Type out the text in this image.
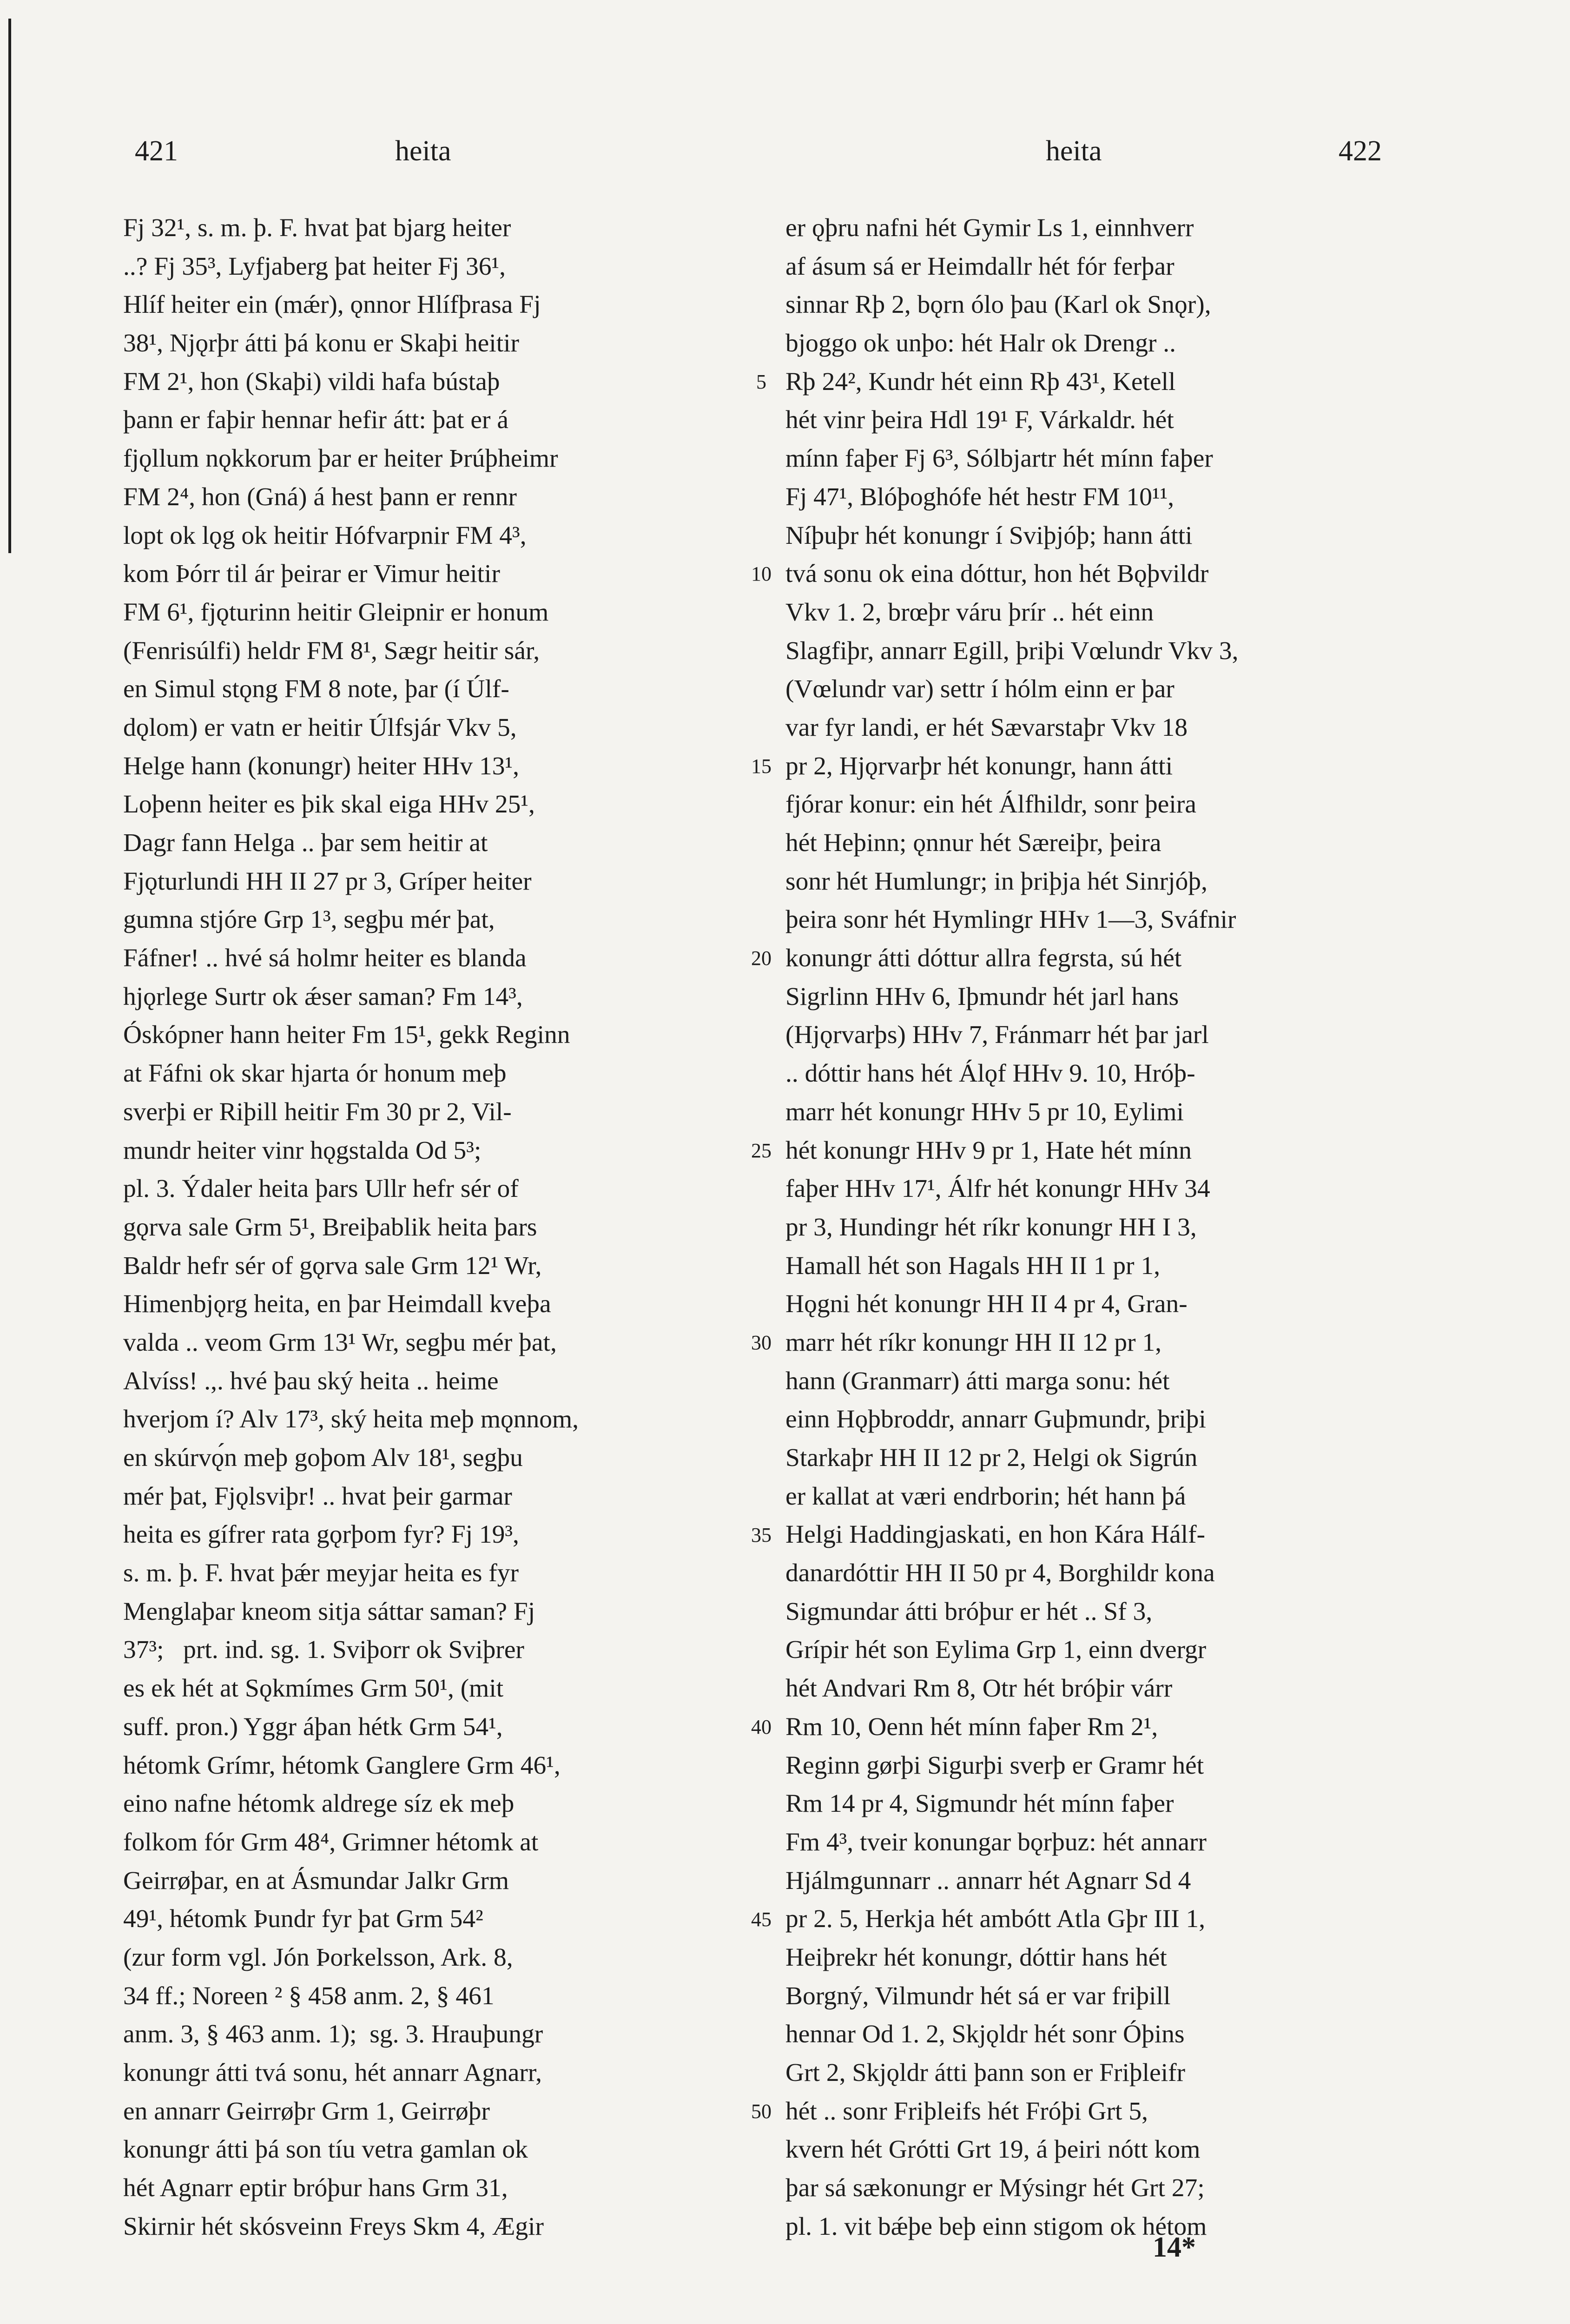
421	heita	heita	422
Fj 32¹, s. m. þ. F. hvat þat bjarg heiter
..? Fj 35³, Lyfjaberg þat heiter Fj 36¹,
Hlíf heiter ein (mǽr), ǫnnor Hlífþrasa Fj
38¹, Njǫrþr átti þá konu er Skaþi heitir
FM 2¹, hon (Skaþi) vildi hafa bústaþ
þann er faþir hennar hefir átt: þat er á
fjǫllum nǫkkorum þar er heiter Þrúþheimr
FM 2⁴, hon (Gná) á hest þann er rennr
lopt ok lǫg ok heitir Hófvarpnir FM 4³,
kom Þórr til ár þeirar er Vimur heitir
FM 6¹, fjǫturinn heitir Gleipnir er honum
(Fenrisúlfi) heldr FM 8¹, Sægr heitir sár,
en Simul stǫng FM 8 note, þar (í Úlf-
dǫlom) er vatn er heitir Úlfsjár Vkv 5,
Helge hann (konungr) heiter HHv 13¹,
Loþenn heiter es þik skal eiga HHv 25¹,
Dagr fann Helga .. þar sem heitir at
Fjǫturlundi HH II 27 pr 3, Gríper heiter
gumna stjóre Grp 1³, segþu mér þat,
Fáfner! .. hvé sá holmr heiter es blanda
hjǫrlege Surtr ok ǽser saman? Fm 14³,
Óskópner hann heiter Fm 15¹, gekk Reginn
at Fáfni ok skar hjarta ór honum meþ
sverþi er Riþill heitir Fm 30 pr 2, Vil-
mundr heiter vinr hǫgstalda Od 5³;
pl. 3. Ýdaler heita þars Ullr hefr sér of
gǫrva sale Grm 5¹, Breiþablik heita þars
Baldr hefr sér of gǫrva sale Grm 12¹ Wr,
Himenbjǫrg heita, en þar Heimdall kveþa
valda .. veom Grm 13¹ Wr, segþu mér þat,
Alvíss! .,. hvé þau ský heita .. heime
hverjom í? Alv 17³, ský heita meþ mǫnnom,
en skúrvǫ́n meþ goþom Alv 18¹, segþu
mér þat, Fjǫlsviþr! .. hvat þeir garmar
heita es gífrer rata gǫrþom fyr? Fj 19³,
s. m. þ. F. hvat þǽr meyjar heita es fyr
Menglaþar kneom sitja sáttar saman? Fj
37³;   prt. ind. sg. 1. Sviþorr ok Sviþrer
es ek hét at Sǫkmímes Grm 50¹, (mit
suff. pron.) Yggr áþan hétk Grm 54¹,
hétomk Grímr, hétomk Ganglere Grm 46¹,
eino nafne hétomk aldrege síz ek meþ
folkom fór Grm 48⁴, Grimner hétomk at
Geirrøþar, en at Ásmundar Jalkr Grm
49¹, hétomk Þundr fyr þat Grm 54²
(zur form vgl. Jón Þorkelsson, Ark. 8,
34 ff.; Noreen ² § 458 anm. 2, § 461
anm. 3, § 463 anm. 1);  sg. 3. Hrauþungr
konungr átti tvá sonu, hét annarr Agnarr,
en annarr Geirrøþr Grm 1, Geirrøþr
konungr átti þá son tíu vetra gamlan ok
hét Agnarr eptir bróþur hans Grm 31,
Skirnir hét skósveinn Freys Skm 4, Ægir
er ǫþru nafni hét Gymir Ls 1, einnhverr
af ásum sá er Heimdallr hét fór ferþar
sinnar Rþ 2, bǫrn ólo þau (Karl ok Snǫr),
bjoggo ok unþo: hét Halr ok Drengr ..
Rþ 24², Kundr hét einn Rþ 43¹, Ketell
hét vinr þeira Hdl 19¹ F, Várkaldr. hét
mínn faþer Fj 6³, Sólbjartr hét mínn faþer
Fj 47¹, Blóþoghófe hét hestr FM 10¹¹,
Níþuþr hét konungr í Sviþjóþ; hann átti
tvá sonu ok eina dóttur, hon hét Bǫþvildr
Vkv 1. 2, brœþr váru þrír .. hét einn
Slagfiþr, annarr Egill, þriþi Vœlundr Vkv 3,
(Vœlundr var) settr í hólm einn er þar
var fyr landi, er hét Sævarstaþr Vkv 18
pr 2, Hjǫrvarþr hét konungr, hann átti
fjórar konur: ein hét Álfhildr, sonr þeira
hét Heþinn; ǫnnur hét Særeiþr, þeira
sonr hét Humlungr; in þriþja hét Sinrjóþ,
þeira sonr hét Hymlingr HHv 1—3, Sváfnir
konungr átti dóttur allra fegrsta, sú hét
Sigrlinn HHv 6, Iþmundr hét jarl hans
(Hjǫrvarþs) HHv 7, Fránmarr hét þar jarl
.. dóttir hans hét Álǫf HHv 9. 10, Hróþ-
marr hét konungr HHv 5 pr 10, Eylimi
hét konungr HHv 9 pr 1, Hate hét mínn
faþer HHv 17¹, Álfr hét konungr HHv 34
pr 3, Hundingr hét ríkr konungr HH I 3,
Hamall hét son Hagals HH II 1 pr 1,
Hǫgni hét konungr HH II 4 pr 4, Gran-
marr hét ríkr konungr HH II 12 pr 1,
hann (Granmarr) átti marga sonu: hét
einn Hǫþbroddr, annarr Guþmundr, þriþi
Starkaþr HH II 12 pr 2, Helgi ok Sigrún
er kallat at væri endrborin; hét hann þá
Helgi Haddingjaskati, en hon Kára Hálf-
danardóttir HH II 50 pr 4, Borghildr kona
Sigmundar átti bróþur er hét .. Sf 3,
Grípir hét son Eylima Grp 1, einn dvergr
hét Andvari Rm 8, Otr hét bróþir várr
Rm 10, Oenn hét mínn faþer Rm 2¹,
Reginn gørþi Sigurþi sverþ er Gramr hét
Rm 14 pr 4, Sigmundr hét mínn faþer
Fm 4³, tveir konungar bǫrþuz: hét annarr
Hjálmgunnarr .. annarr hét Agnarr Sd 4
pr 2. 5, Herkja hét ambótt Atla Gþr III 1,
Heiþrekr hét konungr, dóttir hans hét
Borgný, Vilmundr hét sá er var friþill
hennar Od 1. 2, Skjǫldr hét sonr Óþins
Grt 2, Skjǫldr átti þann son er Friþleifr
hét .. sonr Friþleifs hét Fróþi Grt 5,
kvern hét Grótti Grt 19, á þeiri nótt kom
þar sá sækonungr er Mýsingr hét Grt 27;
pl. 1. vit bǽþe beþ einn stigom ok hétom
5
10
15
20
25
30
35
40
45
50
14*
